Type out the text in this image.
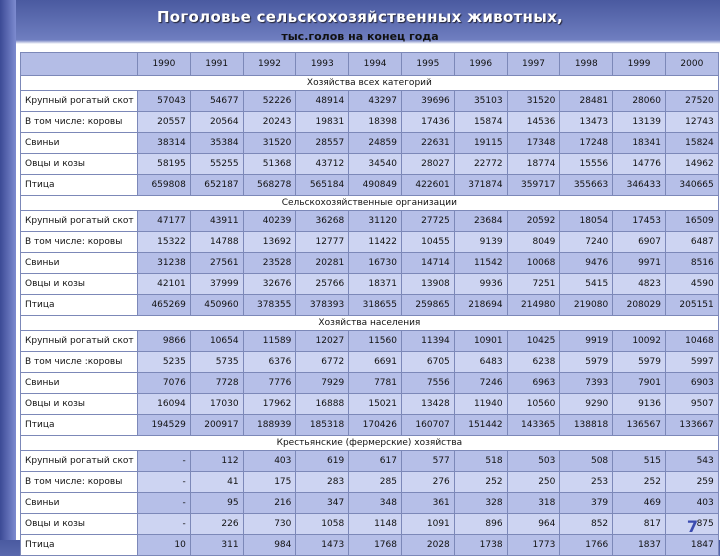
Поголовье сельскохозяйственных животных,
тыс.голов на конец года
	1990	1991	1992	1993	1994	1995	1996	1997	1998	1999	2000
Хозяйства всех категорий											
Крупный рогатый скот	57043	54677	52226	48914	43297	39696	35103	31520	28481	28060	27520
В том числе: коровы	20557	20564	20243	19831	18398	17436	15874	14536	13473	13139	12743
Свиньи	38314	35384	31520	28557	24859	22631	19115	17348	17248	18341	15824
Овцы и козы	58195	55255	51368	43712	34540	28027	22772	18774	15556	14776	14962
Птица	659808	652187	568278	565184	490849	422601	371874	359717	355663	346433	340665
Сельскохозяйственные организации											
Крупный рогатый скот	47177	43911	40239	36268	31120	27725	23684	20592	18054	17453	16509
В том числе: коровы	15322	14788	13692	12777	11422	10455	9139	8049	7240	6907	6487
Свиньи	31238	27561	23528	20281	16730	14714	11542	10068	9476	9971	8516
Овцы и козы	42101	37999	32676	25766	18371	13908	9936	7251	5415	4823	4590
Птица	465269	450960	378355	378393	318655	259865	218694	214980	219080	208029	205151
Хозяйства населения											
Крупный рогатый скот	9866	10654	11589	12027	11560	11394	10901	10425	9919	10092	10468
В том числе :коровы	5235	5735	6376	6772	6691	6705	6483	6238	5979	5979	5997
Свиньи	7076	7728	7776	7929	7781	7556	7246	6963	7393	7901	6903
Овцы и козы	16094	17030	17962	16888	15021	13428	11940	10560	9290	9136	9507
Птица	194529	200917	188939	185318	170426	160707	151442	143365	138818	136567	133667
Крестьянские (фермерские) хозяйства											
Крупный рогатый скот	-	112	403	619	617	577	518	503	508	515	543
В том числе: коровы	-	41	175	283	285	276	252	250	253	252	259
Свиньи	-	95	216	347	348	361	328	318	379	469	403
Овцы и козы	-	226	730	1058	1148	1091	896	964	852	817	875
Птица	10	311	984	1473	1768	2028	1738	1773	1766	1837	1847
7
